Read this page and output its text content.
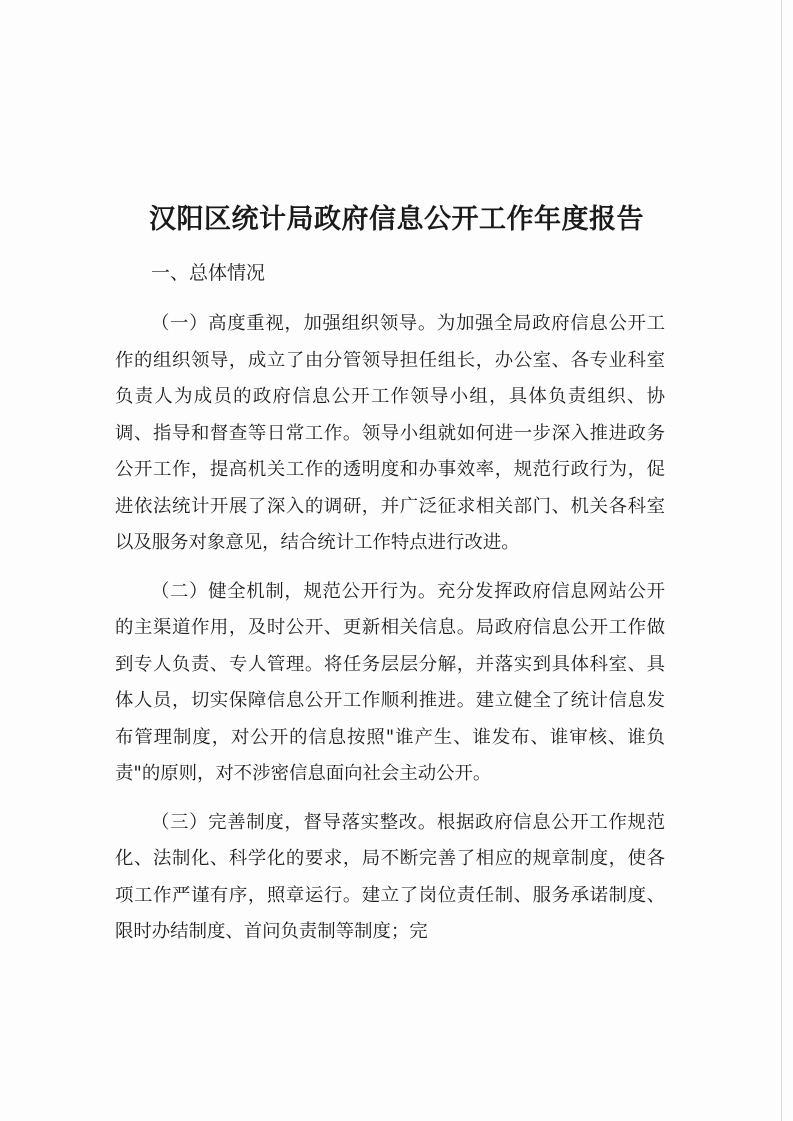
汉阳区统计局政府信息公开工作年度报告

一、总体情况

（一）高度重视，加强组织领导。为加强全局政府信息公开工作的组织领导，成立了由分管领导担任组长，办公室、各专业科室负责人为成员的政府信息公开工作领导小组，具体负责组织、协调、指导和督查等日常工作。领导小组就如何进一步深入推进政务公开工作，提高机关工作的透明度和办事效率，规范行政行为，促进依法统计开展了深入的调研，并广泛征求相关部门、机关各科室以及服务对象意见，结合统计工作特点进行改进。

（二）健全机制，规范公开行为。充分发挥政府信息网站公开的主渠道作用，及时公开、更新相关信息。局政府信息公开工作做到专人负责、专人管理。将任务层层分解，并落实到具体科室、具体人员，切实保障信息公开工作顺利推进。建立健全了统计信息发布管理制度，对公开的信息按照"谁产生、谁发布、谁审核、谁负责"的原则，对不涉密信息面向社会主动公开。

（三）完善制度，督导落实整改。根据政府信息公开工作规范化、法制化、科学化的要求，局不断完善了相应的规章制度，使各项工作严谨有序，照章运行。建立了岗位责任制、服务承诺制度、限时办结制度、首问负责制等制度；完
